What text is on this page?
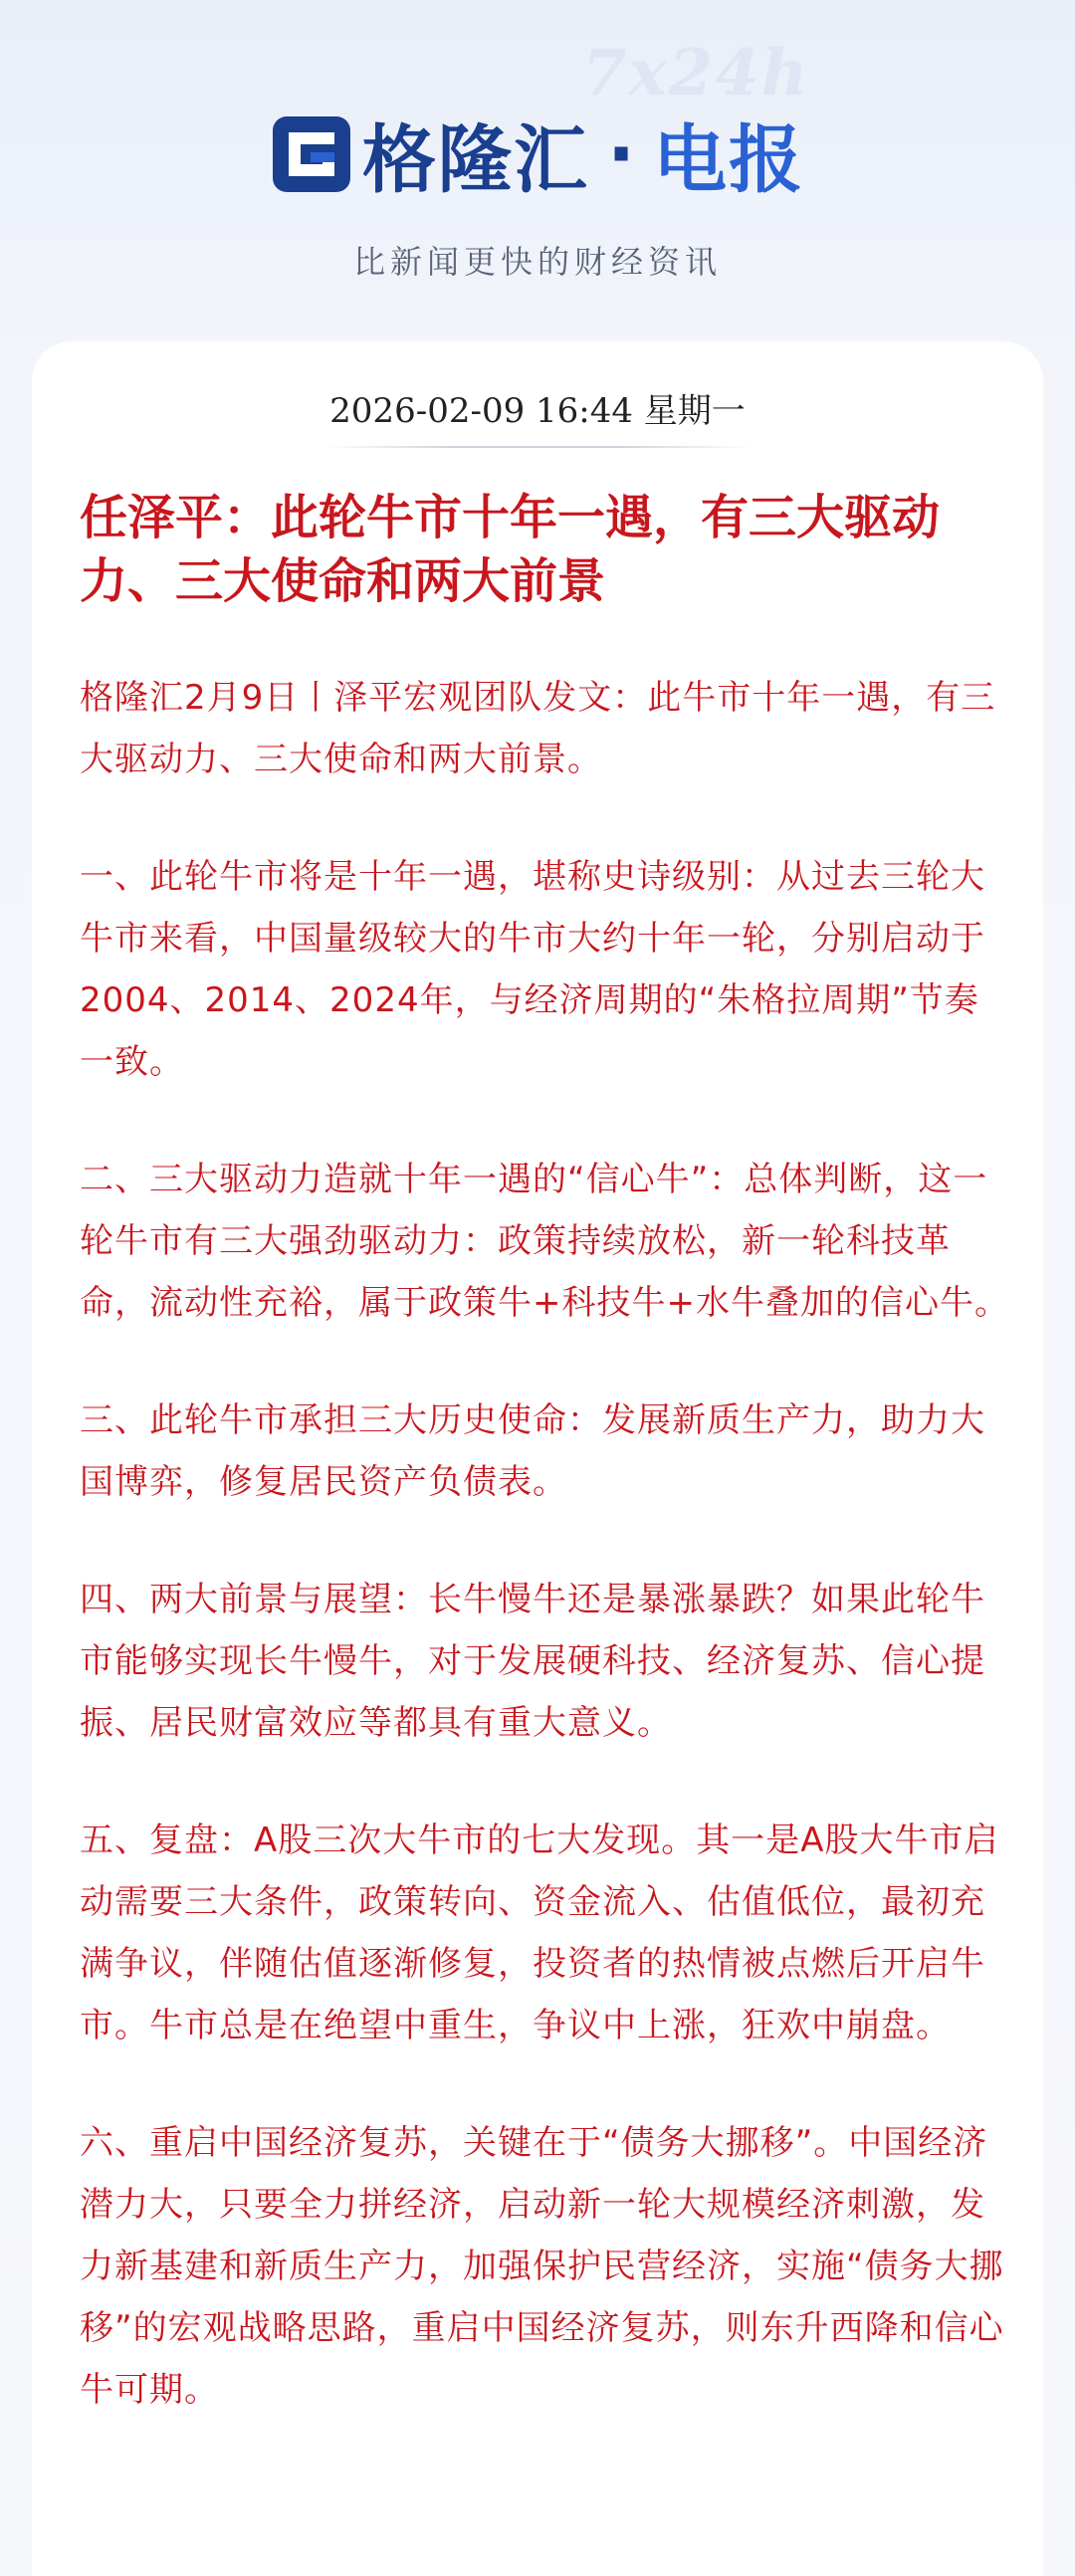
7x24h
格隆汇 · 电报
比新闻更快的财经资讯
2026-02-09 16:44 星期一
任泽平：此轮牛市十年一遇，有三大驱动力、三大使命和两大前景

格隆汇2月9日丨泽平宏观团队发文：此牛市十年一遇，有三大驱动力、三大使命和两大前景。

一、此轮牛市将是十年一遇，堪称史诗级别：从过去三轮大牛市来看，中国量级较大的牛市大约十年一轮，分别启动于2004、2014、2024年，与经济周期的“朱格拉周期”节奏一致。

二、三大驱动力造就十年一遇的“信心牛”：总体判断，这一轮牛市有三大强劲驱动力：政策持续放松，新一轮科技革命，流动性充裕，属于政策牛+科技牛+水牛叠加的信心牛。

三、此轮牛市承担三大历史使命：发展新质生产力，助力大国博弈，修复居民资产负债表。

四、两大前景与展望：长牛慢牛还是暴涨暴跌？如果此轮牛市能够实现长牛慢牛，对于发展硬科技、经济复苏、信心提振、居民财富效应等都具有重大意义。

五、复盘：A股三次大牛市的七大发现。其一是A股大牛市启动需要三大条件，政策转向、资金流入、估值低位，最初充满争议，伴随估值逐渐修复，投资者的热情被点燃后开启牛市。牛市总是在绝望中重生，争议中上涨，狂欢中崩盘。

六、重启中国经济复苏，关键在于“债务大挪移”。中国经济潜力大，只要全力拼经济，启动新一轮大规模经济刺激，发力新基建和新质生产力，加强保护民营经济，实施“债务大挪移”的宏观战略思路，重启中国经济复苏，则东升西降和信心牛可期。
